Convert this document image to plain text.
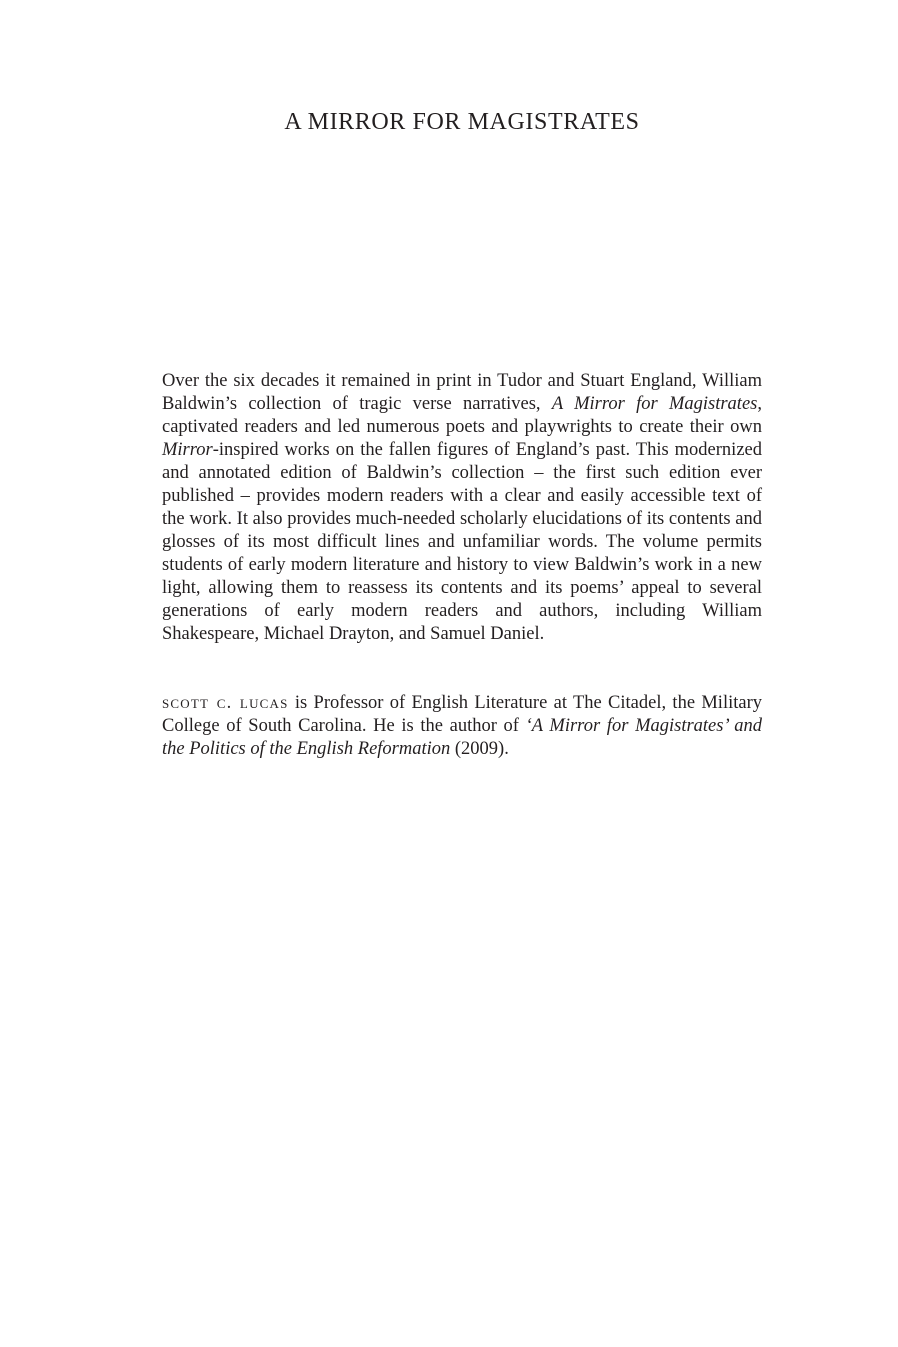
A MIRROR FOR MAGISTRATES

Over the six decades it remained in print in Tudor and Stuart England, William Baldwin’s collection of tragic verse narratives, A Mirror for Magistrates, captivated readers and led numerous poets and playwrights to create their own Mirror-inspired works on the fallen figures of England’s past. This modernized and annotated edition of Baldwin’s collection – the first such edition ever published – provides modern readers with a clear and easily accessible text of the work. It also provides much-needed scholarly elucidations of its contents and glosses of its most difficult lines and unfamiliar words. The volume permits students of early modern literature and history to view Baldwin’s work in a new light, allowing them to reassess its contents and its poems’ appeal to several generations of early modern readers and authors, including William Shakespeare, Michael Drayton, and Samuel Daniel.

scott c. lucas is Professor of English Literature at The Citadel, the Military College of South Carolina. He is the author of ‘A Mirror for Magistrates’ and the Politics of the English Reformation (2009).
